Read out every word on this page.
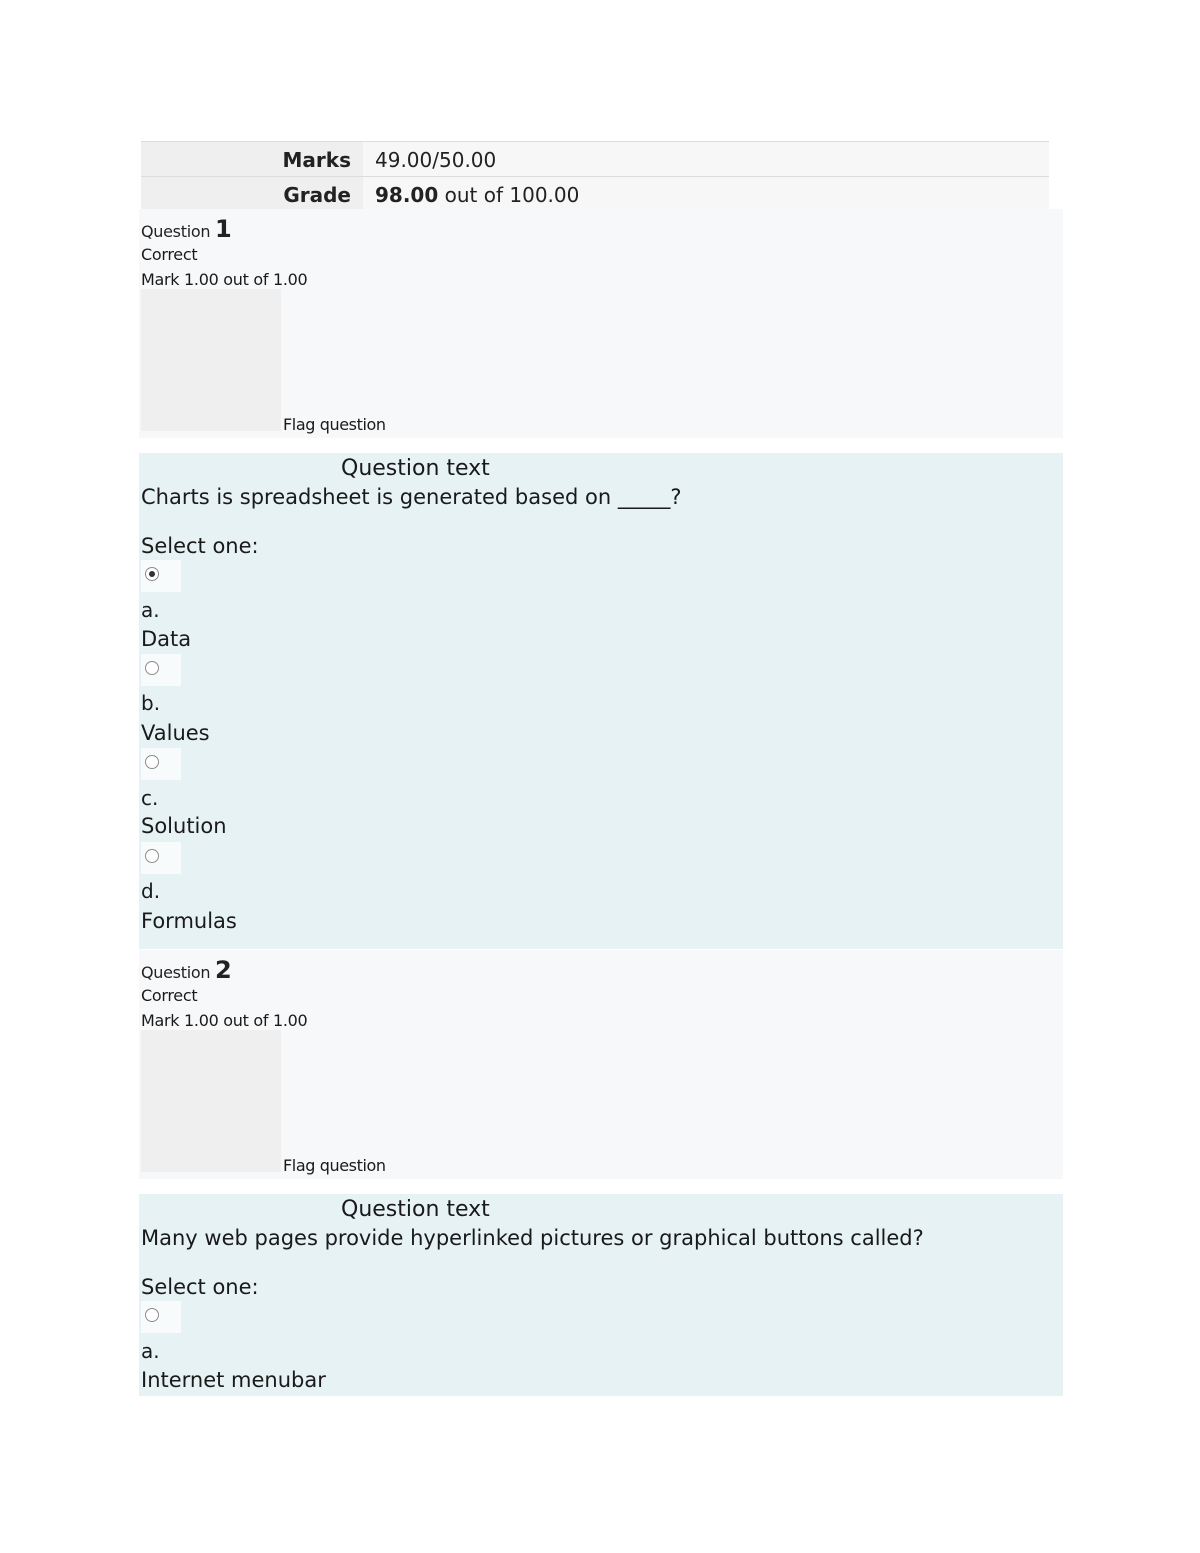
Marks	49.00/50.00
Grade	98.00 out of 100.00
Question 1
Correct
Mark 1.00 out of 1.00
Flag question
Question text
Charts is spreadsheet is generated based on _____?
Select one:
a.
Data
b.
Values
c.
Solution
d.
Formulas
Question 2
Correct
Mark 1.00 out of 1.00
Flag question
Question text
Many web pages provide hyperlinked pictures or graphical buttons called?
Select one:
a.
Internet menubar
